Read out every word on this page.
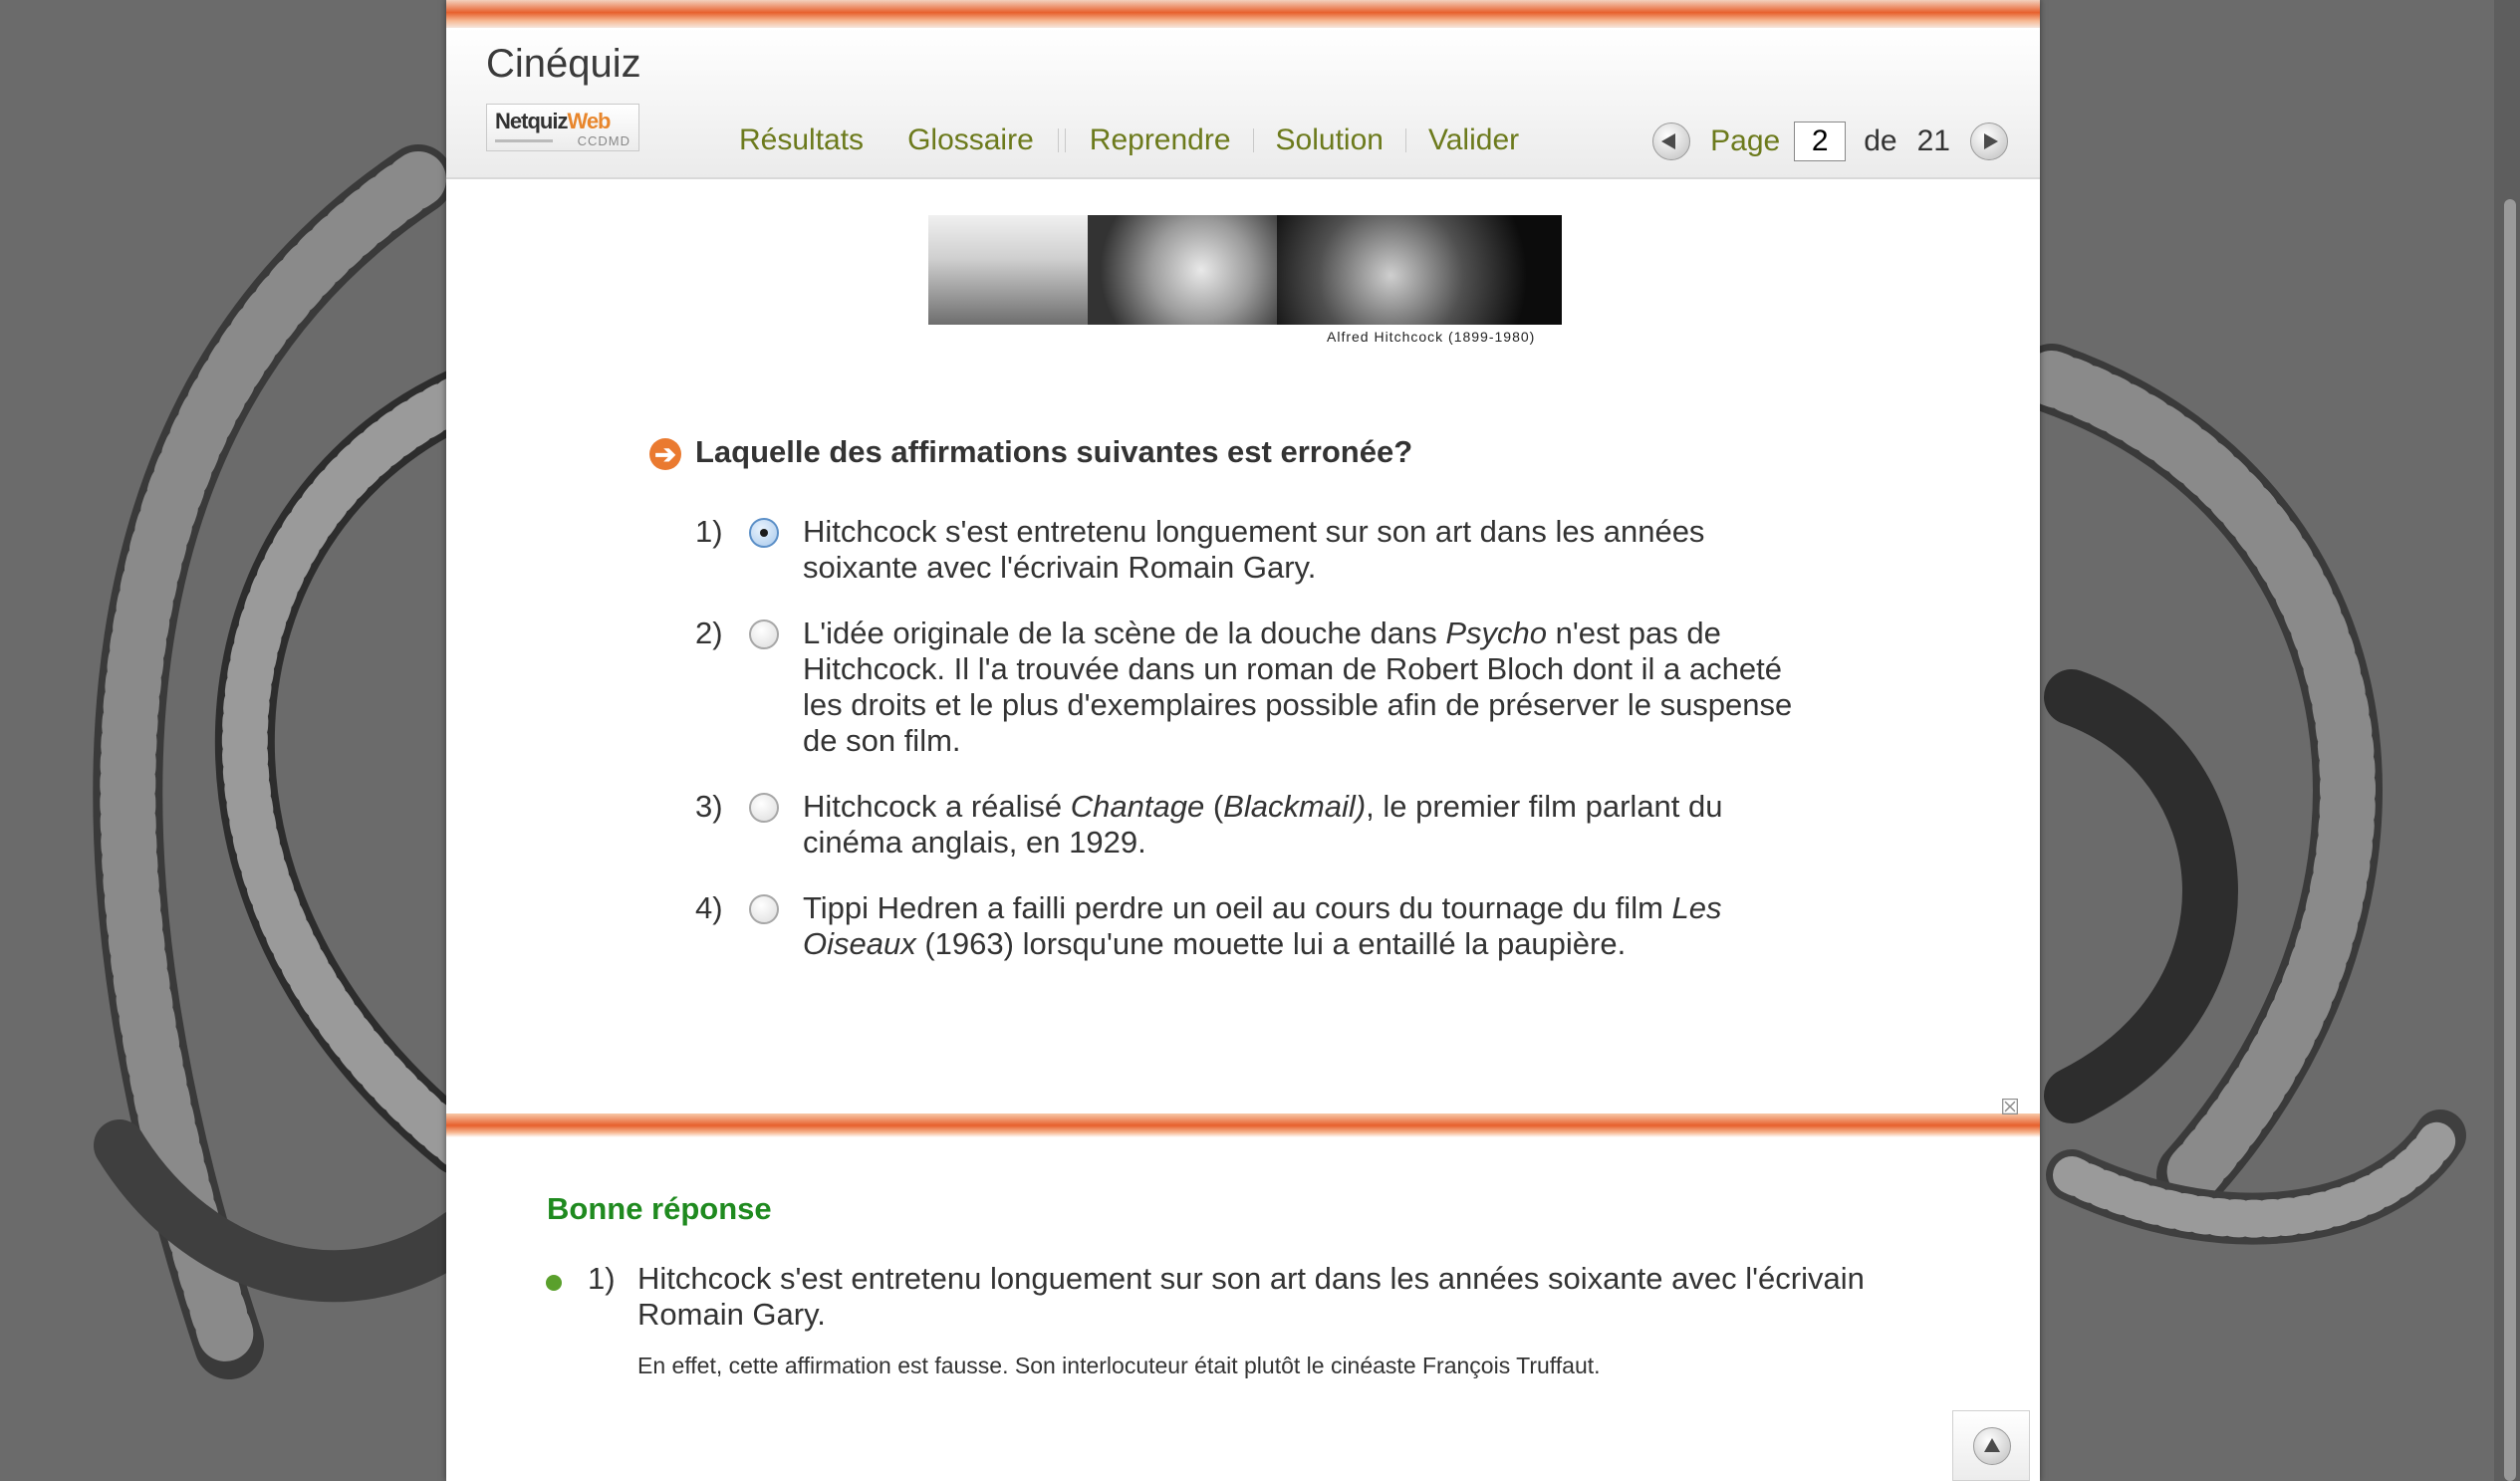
Cinéquiz
NetquizWeb
CCDMD	Résultats	Glossaire	Reprendre	Solution	Valider	Page
2	de 21
Alfred Hitchcock (1899-1980)
➔ Laquelle des affirmations suivantes est erronée?
1)	Hitchcock s'est entretenu longuement sur son art dans les années soixante avec l'écrivain Romain Gary.
2)	L'idée originale de la scène de la douche dans Psycho n'est pas de Hitchcock. Il l'a trouvée dans un roman de Robert Bloch dont il a acheté les droits et le plus d'exemplaires possible afin de préserver le suspense de son film.
3)	Hitchcock a réalisé Chantage (Blackmail), le premier film parlant du cinéma anglais, en 1929.
4)	Tippi Hedren a failli perdre un oeil au cours du tournage du film Les Oiseaux (1963) lorsqu'une mouette lui a entaillé la paupière.
☒
Bonne réponse
1) Hitchcock s'est entretenu longuement sur son art dans les années soixante avec l'écrivain Romain Gary.
En effet, cette affirmation est fausse. Son interlocuteur était plutôt le cinéaste François Truffaut.
